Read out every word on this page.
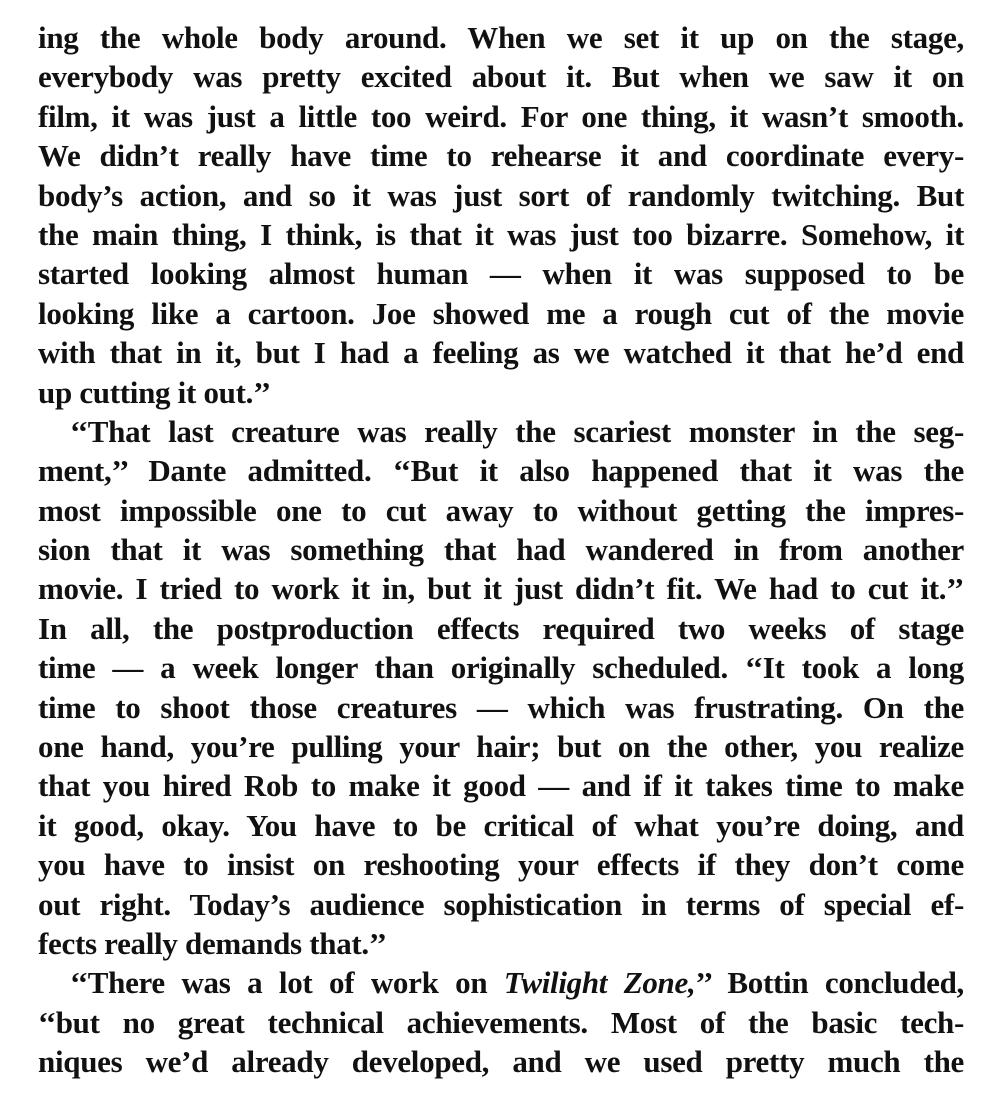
ing the whole body around. When we set it up on the stage,
everybody was pretty excited about it. But when we saw it on
film, it was just a little too weird. For one thing, it wasn’t smooth.
We didn’t really have time to rehearse it and coordinate every-
body’s action, and so it was just sort of randomly twitching. But
the main thing, I think, is that it was just too bizarre. Somehow, it
started looking almost human — when it was supposed to be
looking like a cartoon. Joe showed me a rough cut of the movie
with that in it, but I had a feeling as we watched it that he’d end
up cutting it out.’’
‘‘That last creature was really the scariest monster in the seg-
ment,’’ Dante admitted. ‘‘But it also happened that it was the
most impossible one to cut away to without getting the impres-
sion that it was something that had wandered in from another
movie. I tried to work it in, but it just didn’t fit. We had to cut it.’’
In all, the postproduction effects required two weeks of stage
time — a week longer than originally scheduled. ‘‘It took a long
time to shoot those creatures — which was frustrating. On the
one hand, you’re pulling your hair; but on the other, you realize
that you hired Rob to make it good — and if it takes time to make
it good, okay. You have to be critical of what you’re doing, and
you have to insist on reshooting your effects if they don’t come
out right. Today’s audience sophistication in terms of special ef-
fects really demands that.’’
‘‘There was a lot of work on Twilight Zone,’’ Bottin concluded,
‘‘but no great technical achievements. Most of the basic tech-
niques we’d already developed, and we used pretty much the
